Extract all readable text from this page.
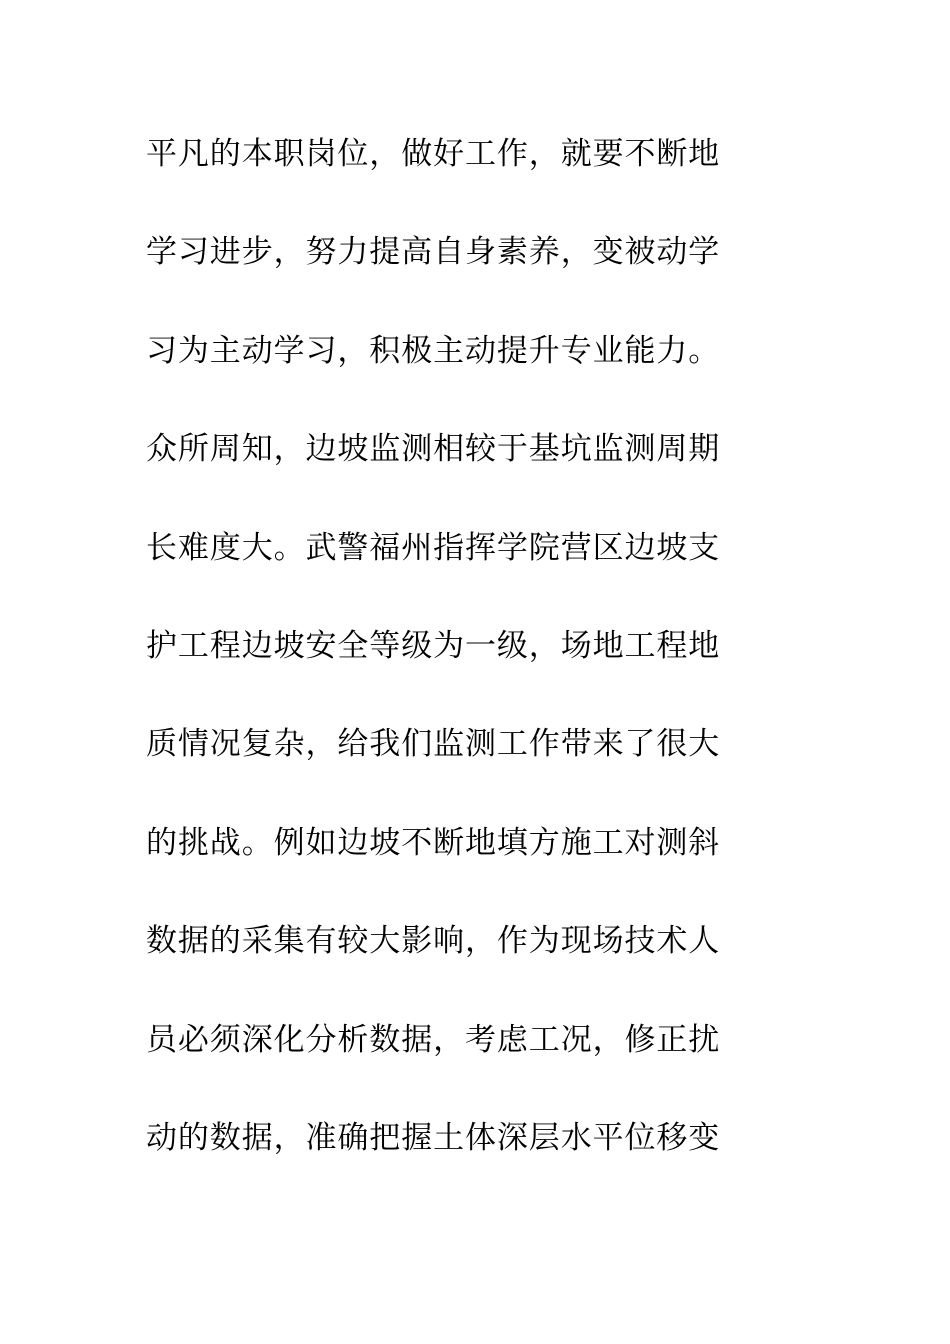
平凡的本职岗位，做好工作，就要不断地
学习进步，努力提高自身素养，变被动学
习为主动学习，积极主动提升专业能力。
众所周知，边坡监测相较于基坑监测周期
长难度大。武警福州指挥学院营区边坡支
护工程边坡安全等级为一级，场地工程地
质情况复杂，给我们监测工作带来了很大
的挑战。例如边坡不断地填方施工对测斜
数据的采集有较大影响，作为现场技术人
员必须深化分析数据，考虑工况，修正扰
动的数据，准确把握土体深层水平位移变
